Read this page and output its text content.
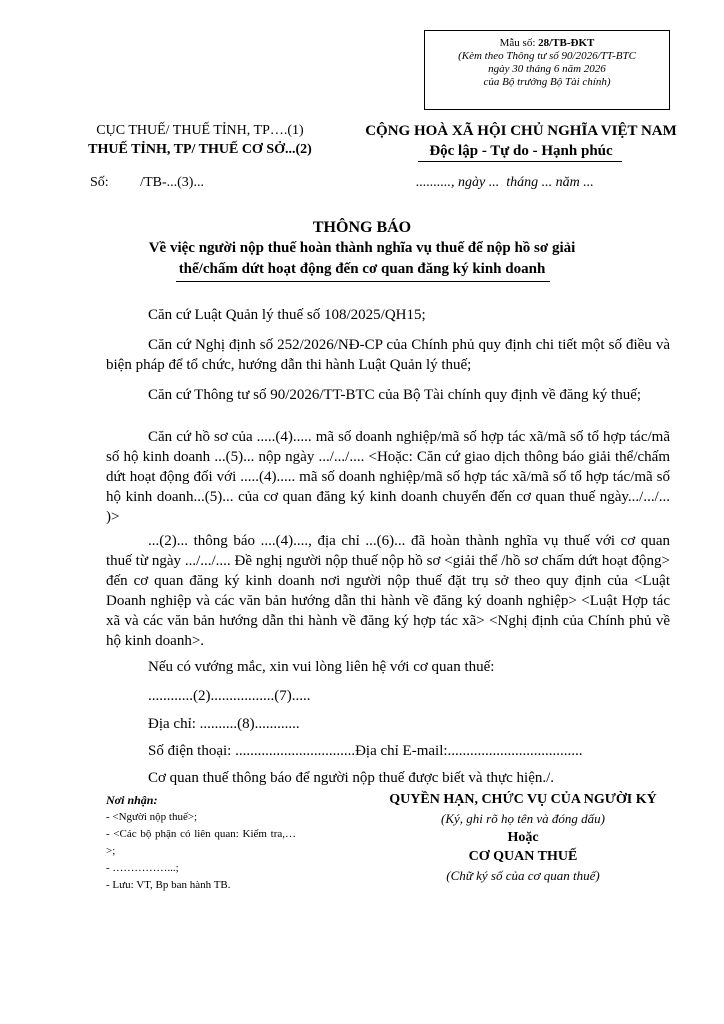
Mẫu số: 28/TB-ĐKT
(Kèm theo Thông tư số 90/2026/TT-BTC
ngày 30 tháng 6 năm 2026
của Bộ trưởng Bộ Tài chính)
CỤC THUẾ/ THUẾ TỈNH, TP….(1)
THUẾ TỈNH, TP/ THUẾ CƠ SỞ...(2)
CỘNG HOÀ XÃ HỘI CHỦ NGHĨA VIỆT NAM
Độc lập - Tự do - Hạnh phúc
Số:         /TB-...(3)...	.........., ngày ...  tháng ... năm ...
THÔNG BÁO
Về việc người nộp thuế hoàn thành nghĩa vụ thuế để nộp hồ sơ giải
thể/chấm dứt hoạt động đến cơ quan đăng ký kinh doanh
Căn cứ Luật Quản lý thuế số 108/2025/QH15;
Căn cứ Nghị định số 252/2026/NĐ-CP của Chính phủ quy định chi tiết một số điều và biện pháp để tổ chức, hướng dẫn thi hành Luật Quản lý thuế;
Căn cứ Thông tư số 90/2026/TT-BTC của Bộ Tài chính quy định về đăng ký thuế;
Căn cứ hồ sơ của .....(4)..... mã số doanh nghiệp/mã số hợp tác xã/mã số tổ hợp tác/mã số hộ kinh doanh ...(5)... nộp ngày .../.../.... <Hoặc: Căn cứ giao dịch thông báo giải thể/chấm dứt hoạt động đối với .....(4)..... mã số doanh nghiệp/mã số hợp tác xã/mã số tổ hợp tác/mã số hộ kinh doanh...(5)... của cơ quan đăng ký kinh doanh chuyển đến cơ quan thuế ngày.../.../... )>
...(2)... thông báo ....(4)...., địa chỉ ...(6)... đã hoàn thành nghĩa vụ thuế với cơ quan thuế từ ngày .../.../.... Đề nghị người nộp thuế nộp hồ sơ <giải thể /hồ sơ chấm dứt hoạt động> đến cơ quan đăng ký kinh doanh nơi người nộp thuế đặt trụ sở theo quy định của <Luật Doanh nghiệp và các văn bản hướng dẫn thi hành về đăng ký doanh nghiệp> <Luật Hợp tác xã và các văn bản hướng dẫn thi hành về đăng ký hợp tác xã> <Nghị định của Chính phủ về hộ kinh doanh>.
Nếu có vướng mắc, xin vui lòng liên hệ với cơ quan thuế:
............(2).................(7).....
Địa chỉ: ..........(8)............
Số điện thoại: ................................Địa chỉ E-mail:....................................
Cơ quan thuế thông báo để người nộp thuế được biết và thực hiện./.
Nơi nhận:
- <Người nộp thuế>;
- <Các bộ phận có liên quan: Kiểm tra,…>;
- ……………...;
- Lưu: VT, Bp ban hành TB.
QUYỀN HẠN, CHỨC VỤ CỦA NGƯỜI KÝ
(Ký, ghi rõ họ tên và đóng dấu)
Hoặc
CƠ QUAN THUẾ
(Chữ ký số của cơ quan thuế)
